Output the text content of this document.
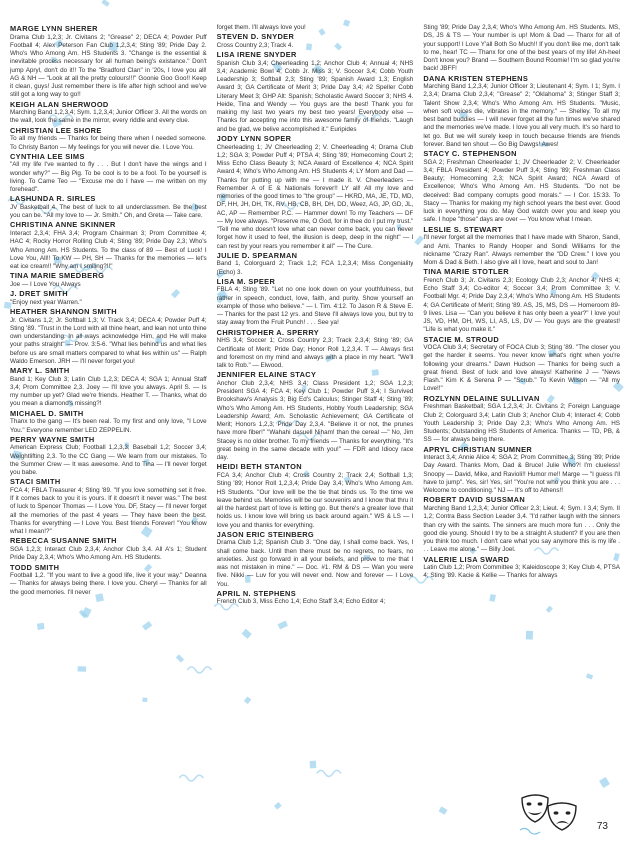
MARGE LYNN SHERER
Drama Club 1,2,3; Jr. Civitans 2; "Grease" 2; DECA 4; Powder Puff Football 4; Alex Peterson Fan Club 1,2,3,4; Sting '89; Pride Day 2. Who's Who Among Am. HS Students 3. "Change is the essential & inevitable process necessary for all human being's existance." Don't jump Apryl, don't do it!! To the "Bradford Clan" in '20s, I love you all! AG & NH — "Look at all the pretty colours!!!" Goonie Goo Goo!! Keep it clean, guys! Just remember there is life after high school and we've still got a long way to go!!
KEIGH ALAN SHERWOOD
Marching Band 1,2,3,4; Sym. 1,2,3,4; Junior Officer 3. All the words on the wall, look the same in the mirror, every riddle and every clue.
CHRISTIAN LEE SHORE
To all my friends — Thanks for being there when I needed someone. To Christy Barton — My feelings for you will never die. I Love You.
CYNTHIA LEE SIMS
"All my life I've wanted to fly . . . But I don't have the wings and I wonder why?" — Big Pig. To be cool is to be a fool. To be yourself is living. To Came Teo — "Excuse me do I have — me written on my forehead".
LASHUNDA R. SIRLES
JV Basketball 4. The best of luck to all underclassmen. Be the best you can be. "All my love to — Jr. Smith." Oh, and Greta — Take care.
CHRISTINA ANNE SKINNER
Interact 2,3,4; FHA 3,4; Program Chairman 3; Prom Committee 4; HAC 4; Rocky Horror Rolling Club 4; Sting '89; Pride Day 2,3; Who's Who Among Am. HS Students. To the class of 89 — Best of Luck! I Love You, All!! To KW — PH, SH — Thanks for the memories — let's eat ice cream!! "Why am I smiling?!!"
TINA MARIE SMEDBERG
Joe — I Love You Always
J. DRET SMITH
"Enjoy next year Warren."
HEATHER SHANNON SMITH
Jr. Civitans 1,2; Jr. Softball 1,3; V. Track 3,4; DECA 4; Powder Puff 4; Sting '89. "Trust in the Lord with all thine heart, and lean not unto thine own understanding. In all ways acknowledge Him, and He will make your paths straight" — Prov. 3:5-6. "What lies behind us and what lies before us are small matters compared to what lies within us" — Ralph Waldo Emerson. JRH — I'll never forget you!
MARY L. SMITH
Band 1; Key Club 3; Latin Club 1,2,3; DECA 4; SGA 1; Annual Staff 3,4; Prom Committee 2,3. Joey — I'll love you always. April S. — Is my number up yet? Glad we're friends. Heather T. — Thanks, what do you mean a diamond's missing?!
MICHAEL D. SMITH
Thanx to the gang — It's been real. To my first and only love, "I Love You." Everyone remember LED ZEPPELIN.
PERRY WAYNE SMITH
American Express Club; Football 1,2,3,3; Baseball 1,2; Soccer 3,4; Weightlifting 2,3. To the CC Gang — We learn from our mistakes. To the Summer Crew — It was awesome. And to Tina — I'll never forget you babe.
STACI SMITH
FCA 4; FBLA Treasurer 4; Sting '89. "If you love something set it free. If it comes back to you it is yours. If it doesn't it never was." The best of luck to Spencer Thomas — I Love You. DF, Stacy — I'll never forget all the memories of the past 4 years — They have been the best. Thanks for everything — I Love You. Best friends Forever! "You know what I mean!?"
REBECCA SUSANNE SMITH
SGA 1,2,3; Interact Club 2,3,4; Anchor Club 3,4. All A's 1; Student Pride Day 2,3,4; Who's Who Among Am. HS Students.
TODD SMITH
Football 1,2. "If you want to live a good life, live it your way." Deanna — Thanks for always being there. I love you. Cheryl — Thanks for all the good memories. I'll never
forget them. I'll always love you!
STEVEN D. SNYDER
Cross Country 2,3; Track 4.
LISA IRENE SNYDER
Spanish Club 3,4; Cheerleading 1,2; Anchor Club 4; Annual 4; NHS 3,4; Academic Bowl 4; Cobb Jr. Miss 3; V. Soccer 3,4; Cobb Youth Leadership 3; Softball 2,3; Sting '89; Spanish Award 1,3; English Award 3; GA Certificate of Merit 3; Pride Day 3,4; #2 Speller Cobb Literary Meet 3; GHP Alt: Spanish; Scholastic Award Soccer 3; NHS 4. Heide, Tina and Wendy — You guys are the best! Thank you for making my last two years my best two years! Everybody else — Thanks for accepting me into this awesome family of friends. "Laugh and be glad, we belive accomplished it." Euripides
JODY LYNN SOPER
Cheerleading 1; JV Cheerleading 2; V. Cheerleading 4; Drama Club 1,2; SGA 3; Powder Puff 4; PTSA 4; Sting '89; Homecoming Court 2; Miss Echo Class Beauty 3; NCA Award of Excellence 4; NCA Spirit Award 4; Who's Who Among Am. HS Students 4; LY Mom and Dad — Thanks for putting up with me — I made it. V. Cheerleaders — Remember A of E & Nationals forever!! LY all! All my love and memories of the good times to "the group" — HKRD, MA, JE, TD, MD, DF, HH, JH, DH, TK, RV, HB, CB, BH, DH, DD, Weez, AG, JP, GD, JL, AC, AP — Remember P.C. — Hammer down! To my Teachers — DF — My love always. "Preserve me, O God, for in thee do I put my trust." "Tell me who doesn't love what can never come back, you can never forget how it used to feel, the illusion is deep, deep in the night" — I can rest by your rears you remember it all" — The Cure.
JULIE D. SPEARMAN
Band 1, Colorguard 2; Track 1,2; FCA 1,2,3,4; Miss Congeniality (Echo) 3.
LISA M. SPEER
FBLA 4; Sting '89. "Let no one look down on your youthfulness, but rather in speech, conduct, love, faith, and purity. Show yourself an example of those who believe." — I. Tim. 4:12. To Jason R & Steve E. — Thanks for the past 12 yrs. and Steve I'll always love you, but try to stay away from the Fruit Punch! . . . See ya!
CHRISTOPHER A. SPERRY
NHS 3,4; Soccer 1; Cross Country 2,3; Track 2,3,4; Sting '89; GA Certificate of Merit; Pride Day; Honor Roll 1,2,3,4. T — Always first and foremost on my mind and always with a place in my heart. "We'll talk to Rob." — Elwood.
JENNIFER ELAINE STACY
Anchor Club 2,3,4; NHS 3,4; Class President 1,2; SGA 1,2,3; President SGA 4; FCA 4; Key Club 1; Powder Puff 3,4; I Survived Brookshaw's Analysis 3; Big Ed's Calculus; Stinger Staff 4; Sting '89; Who's Who Among Am. HS Students, Hobby Youth Leadership; SGA Leadership Award; Am. Scholastic Achievement; GA Certificate of Merit; Honors 1,2,3; Pride Day 2,3,4. "Believe it or not, the prunes have more fiber!" "Wahahi dasuell Niham! than the cereal —" No, Jim Stacey is no older brother. To my friends — Thanks for everything. "It's great being in the same decade with you!" — FDR and Idiocy race day.
HEIDI BETH STANTON
FCA 3,4; Anchor Club 4; Cross Country 2; Track 2,4; Softball 1,3; Sting '89; Honor Roll 1,2,3,4; Pride Day 3,4; Who's Who Among Am. HS Students. "Our love will be the tie that binds us. To the time we leave behind us. Memories will be our souvenirs and I know that thru it all the hardest part of love is letting go. But there's a greater love that holds us. I know love will bring us back around again." WS & LS — I love you and thanks for everything.
JASON ERIC STEINBERG
Drama Club 1,2; Spanish Club 3. "One day, I shall come back. Yes, I shall come back. Until then there must be no regrets, no fears, no anxieties. Just go forward in all your beliefs, and prove to me that I was not mistaken in mine." — Doc. #1. RM & DS — Wan you were five. Nikki — Luv for you will never end. Now and forever — I Love You.
APRIL N. STEPHENS
French Club 3, Miss Echo 1,4; Echo Staff 3,4; Echo Editor 4;
Sting '89; Pride Day 2,3,4; Who's Who Among Am. HS Students. MS, DS, JS & TS — Your number is up! Mom & Dad — Thanx for all of your support! I Love Y'all Both So Much!! If you don't like me, don't talk to me, hear! TC — Thanx for one of the best years of my life! Ah-heel Don't know you? Brand — Southern Bound Roomie! I'm so glad you're back! JBFF!
DANA KRISTEN STEPHENS
Marching Band 1,2,3,4; Junior Officer 3; Lieutenant 4; Sym. I 1; Sym. I 2,3,4; Drama Club 2,3,4; "Grease" 2; "Oklahoma" 3; Stinger Staff 3; Talent Show 2,3,4; Who's Who Among Am. HS Students. "Music, when soft voices die, vibrates in the memory." — Shelley. To all my best band buddies — I will never forget all the fun times we've shared and the memories we've made. I love you all very much. It's so hard to let go. But we will surely keep in touch because friends are friends forever. Band ten shout — Go Big Dawgs! Awes!
STACY C. STEPHENSON
SGA 2; Freshman Cheerleader 1; JV Cheerleader 2; V. Cheerleader 3,4; FBLA President 4; Powder Puff 3,4; Sting '89; Freshman Class Beauty; Homecoming 2,3; NCA Spirit Award; NCA Award of Excellence; Who's Who Among Am. HS Students. "Do not be deceived: Bad company corrupts good morals." — I Cor. 15:33. To Stacy — Thanks for making my high school years the best ever. Good luck in everything you do. May God watch over you and keep you safe. I hope "those" days are over — You know what I mean.
LESLIE S. STEWART
I'll never forget all the memories that I have made with Sharon, Sandi, and Ami. Thanks to Randy Hooper and Sondi Williams for the nickname "Crazy Ran". Always remember the "DD Crew." I love you Mom & Dad & Beth. I also give all I love, heart and soul to Jan!
TINA MARIE STOTLER
French Club 3; Jr. Civitans 2,3; Ecology Club 2,3; Anchor 4; NHS 4; Echo Staff 3,4; Co-editor 4; Soccer 3,4; Prom Committee 3; V. Football Mgr. 4; Pride Day 2,3,4; Who's Who Among Am. HS Students 4; GA Certificate of Merit; Sting '89. AS, JS, MS, DS — Homeroom 89-9 lives. Lisa — "Can you believe it has only been a year?" I love you! JS, VD, HM, DH, WS, LI, AS, LS, DV — You guys are the greatest! "Life is what you make it."
STACIE M. STROUD
VOCA Club 3,4; Secretary of FOCA Club 3; Sting '89. "The closer you get the harder it seems. You never know what's right when you're following your dreams." Dawn Hudson — Thanks for being such a great friend. Best of luck and love always! Katherine J — "News Flash." Kim K & Serena P — "Scrub." To Kevin Wilson — "All my Love!!"
ROZLYNN DELAINE SULLIVAN
Freshman Basketball; SGA 1,2,3,4; Jr. Civitans 2; Foreign Language Club 2; Colorguard 3,4; Latin Club 3; Anchor Club 4; Interact 4; Cobb Youth Leadership 3; Pride Day 2,3; Who's Who Among Am. HS Students; Outstanding HS Students of America. Thanks — TD, PB, & SS — for always being there.
APRYL CHRISTIAN SUMNER
Interact 3,4; Annie Alice 4; SGA 2; Prom Committee 3; Sting '89; Pride Day Award. Thanks Mom, Dad & Bruce! Julie Who?! I'm clueless! Snoopy — David, Mike, and Ravioli!! Humor me!! Marge — "I guess I'll have to jump". Yes, sir! Yes, sir! "You're not who you think you are . . . Welcome to conditioning." NJ — It's off to Athens!!
ROBERT DAVID SUSSMAN
Marching Band 1,2,3,4; Junior Officer 2,3; Lieut. 4; Sym. I 3,4; Sym. II 1,2; Contra Bass Section Leader 3,4. "I'd rather laugh with the sinners than cry with the saints. The sinners are much more fun . . . Only the good die young. Should I try to be a straight A student? If you are then you think too much. I don't care what you say anymore this is my life . . . Leave me alone." — Billy Joel.
VALERIE LISA SWARD
Latin Club 1,2; Prom Committee 3; Kaleidoscope 3; Key Club 4, PTSA 4; Sting '89. Kacie & Kellie — Thanks for always
73
